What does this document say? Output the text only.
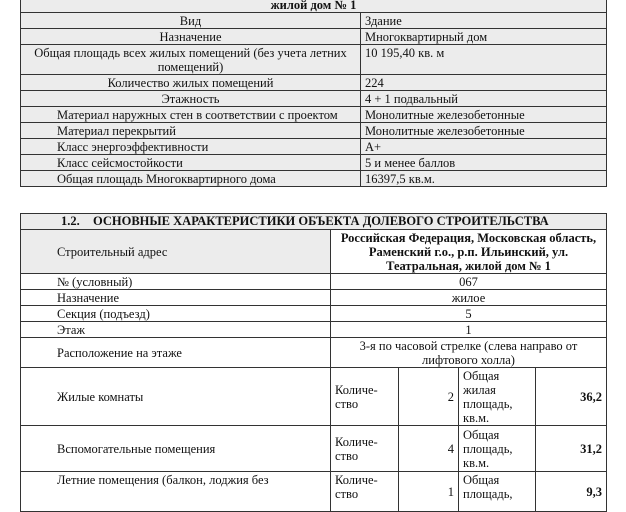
жилой дом № 1	
Вид	Здание
Назначение	Многоквартирный дом
Общая площадь всех жилых помещений (без учета летних помещений)	10 195,40 кв. м
Количество жилых помещений	224
Этажность	4 + 1 подвальный
Материал наружных стен в соответствии с проектом	Монолитные железобетонные
Материал перекрытий	Монолитные железобетонные
Класс энергоэффективности	A+
Класс сейсмостойкости	5 и менее баллов
Общая площадь Многоквартирного дома	16397,5 кв.м.
1.2. ОСНОВНЫЕ ХАРАКТЕРИСТИКИ ОБЪЕКТА ДОЛЕВОГО СТРОИТЕЛЬСТВА				
Строительный адрес	Российская Федерация, Московская область, Раменский г.о., р.п. Ильинский, ул. Театральная, жилой дом № 1			
№ (условный)	067			
Назначение	жилое			
Секция (подъезд)	5			
Этаж	1			
Расположение на этаже	3-я по часовой стрелке (слева направо от лифтового холла)			
Жилые комнаты	Количе-ство	2	Общая жилая площадь, кв.м.	36,2
Вспомогательные помещения	Количе-ство	4	Общая площадь, кв.м.	31,2
Летние помещения (балкон, лоджия без	Количе-ство	1	Общая площадь,	9,3
